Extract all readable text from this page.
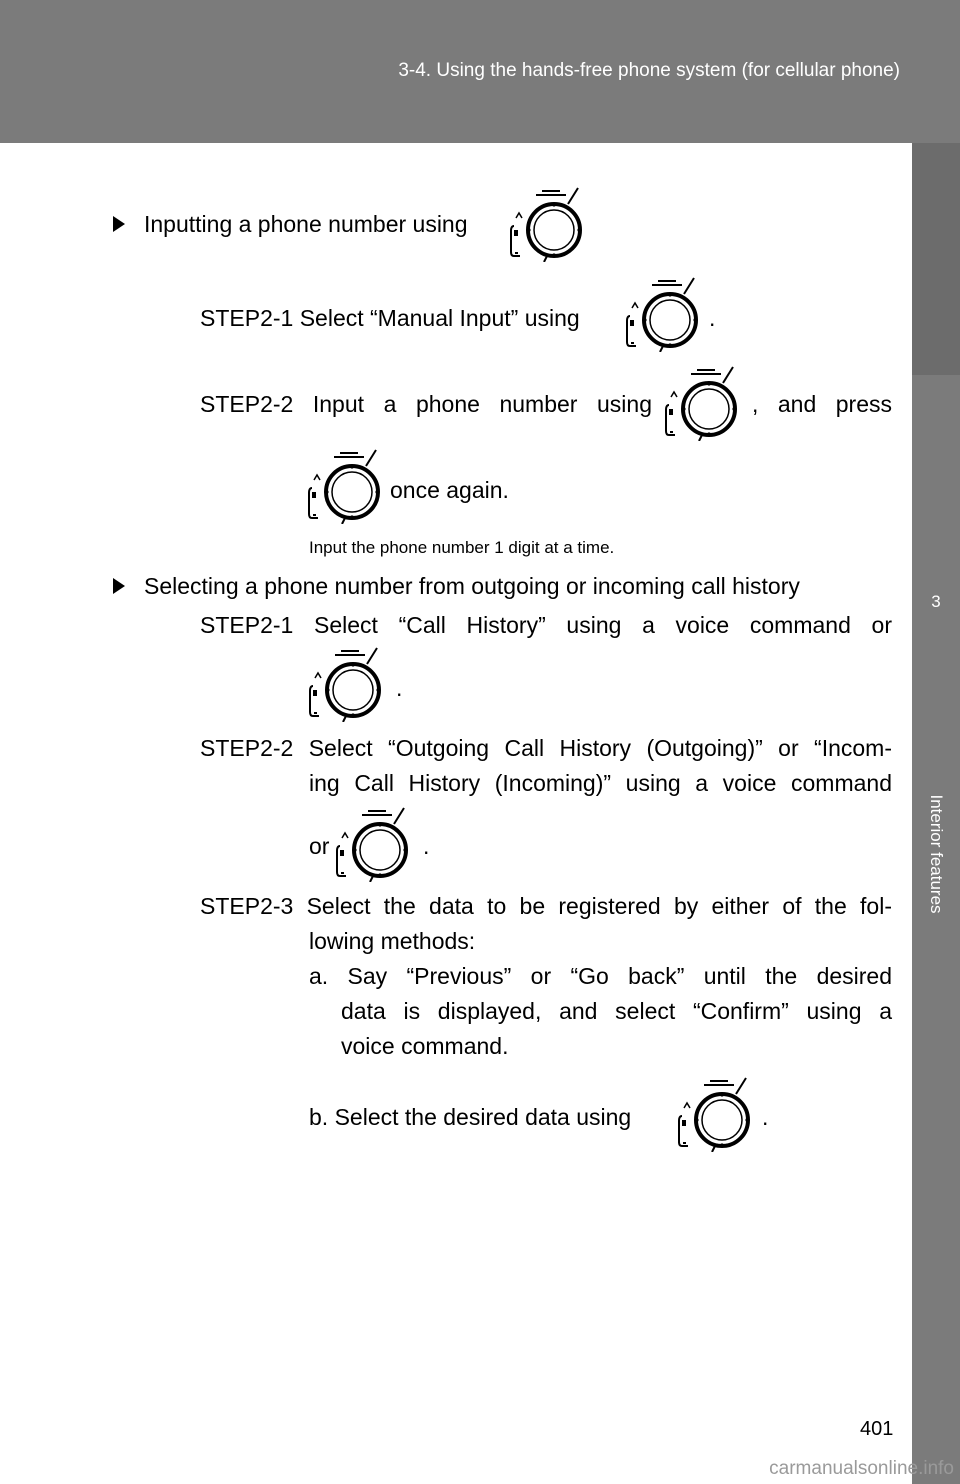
3-4. Using the hands-free phone system (for cellular phone)
3
Interior features
Inputting a phone number using
STEP2-1 Select “Manual Input” using	.
STEP2-2 Input a phone number using	, and press
once again.
Input the phone number 1 digit at a time.
Selecting a phone number from outgoing or incoming call history
STEP2-1 Select “Call History” using a voice command or
.
STEP2-2 Select “Outgoing Call History (Outgoing)” or “Incom-
ing Call History (Incoming)” using a voice command
or	.
STEP2-3 Select the data to be registered by either of the fol-
lowing methods:
a. Say “Previous” or “Go back” until the desired
data is displayed, and select “Confirm” using a
voice command.
b. Select the desired data using	.
401
carmanualsonline.info
